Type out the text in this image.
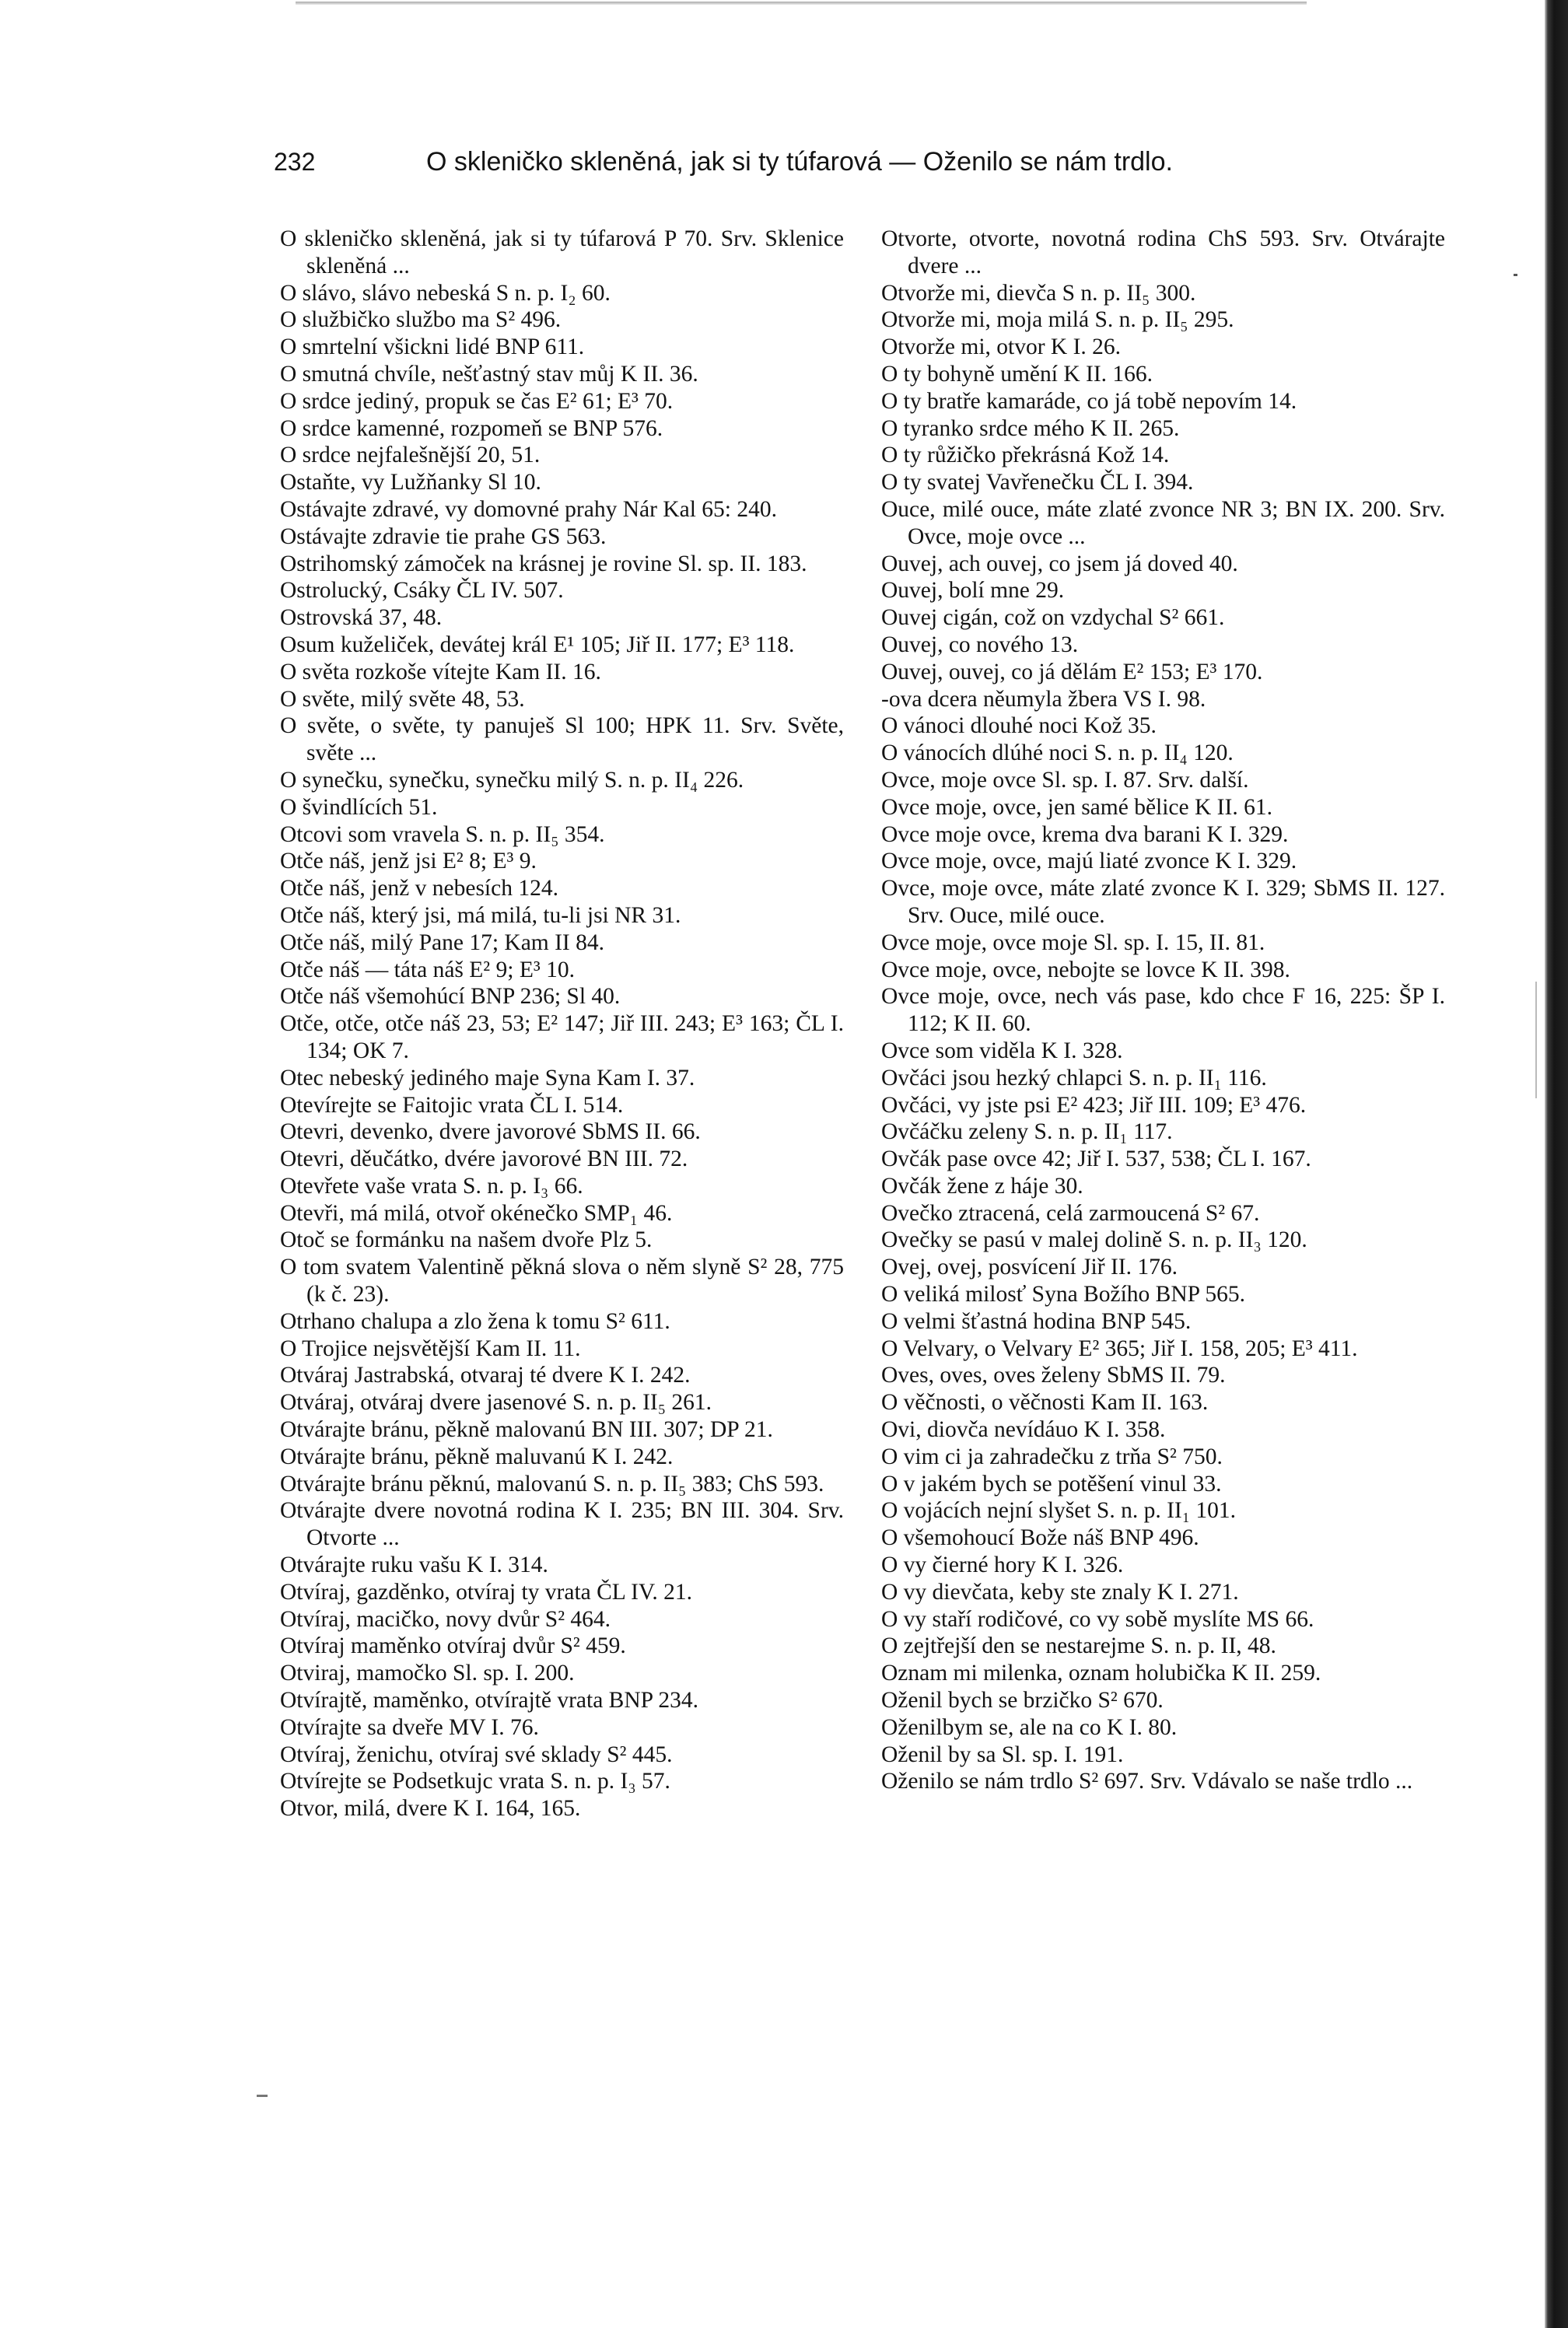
232	O skleničko skleněná, jak si ty túfarová — Oženilo se nám trdlo.

O skleničko skleněná, jak si ty túfarová P 70. Srv. Sklenice skleněná ...

O slávo, slávo nebeská S n. p. I₂ 60.

O službičko službo ma S² 496.

O smrtelní všickni lidé BNP 611.

O smutná chvíle, nešťastný stav můj K II. 36.

O srdce jediný, propuk se čas E² 61; E³ 70.

O srdce kamenné, rozpomeň se BNP 576.

O srdce nejfalešnější 20, 51.

Ostaňte, vy Lužňanky Sl 10.

Ostávajte zdravé, vy domovné prahy Nár Kal 65: 240.

Ostávajte zdravie tie prahe GS 563.

Ostrihomský zámoček na krásnej je rovine Sl. sp. II. 183.

Ostrolucký, Csáky ČL IV. 507.

Ostrovská 37, 48.

Osum kuželiček, devátej král E¹ 105; Jiř II. 177; E³ 118.

O světa rozkoše vítejte Kam II. 16.

O světe, milý světe 48, 53.

O světe, o světe, ty panuješ Sl 100; HPK 11. Srv. Světe, světe ...

O synečku, synečku, synečku milý S. n. p. II₄ 226.

O švindlících 51.

Otcovi som vravela S. n. p. II₅ 354.

Otče náš, jenž jsi E² 8; E³ 9.

Otče náš, jenž v nebesích 124.

Otče náš, který jsi, má milá, tu-li jsi NR 31.

Otče náš, milý Pane 17; Kam II 84.

Otče náš — táta náš E² 9; E³ 10.

Otče náš všemohúcí BNP 236; Sl 40.

Otče, otče, otče náš 23, 53; E² 147; Jiř III. 243; E³ 163; ČL I. 134; OK 7.

Otec nebeský jediného maje Syna Kam I. 37.

Otevírejte se Faitojic vrata ČL I. 514.

Otevri, devenko, dvere javorové SbMS II. 66.

Otevri, děučátko, dvére javorové BN III. 72.

Otevřete vaše vrata S. n. p. I₃ 66.

Otevři, má milá, otvoř okénečko SMP₁ 46.

Otoč se formánku na našem dvoře Plz 5.

O tom svatem Valentině pěkná slova o něm slyně S² 28, 775 (k č. 23).

Otrhano chalupa a zlo žena k tomu S² 611.

O Trojice nejsvětější Kam II. 11.

Otváraj Jastrabská, otvaraj té dvere K I. 242.

Otváraj, otváraj dvere jasenové S. n. p. II₅ 261.

Otvárajte bránu, pěkně malovanú BN III. 307; DP 21.

Otvárajte bránu, pěkně maluvanú K I. 242.

Otvárajte bránu pěknú, malovanú S. n. p. II₅ 383; ChS 593.

Otvárajte dvere novotná rodina K I. 235; BN III. 304. Srv. Otvorte ...

Otvárajte ruku vašu K I. 314.

Otvíraj, gazděnko, otvíraj ty vrata ČL IV. 21.

Otvíraj, macičko, novy dvůr S² 464.

Otvíraj maměnko otvíraj dvůr S² 459.

Otviraj, mamočko Sl. sp. I. 200.

Otvírajtě, maměnko, otvírajtě vrata BNP 234.

Otvírajte sa dveře MV I. 76.

Otvíraj, ženichu, otvíraj své sklady S² 445.

Otvírejte se Podsetkujc vrata S. n. p. I₃ 57.

Otvor, milá, dvere K I. 164, 165.

Otvorte, otvorte, novotná rodina ChS 593. Srv. Otvárajte dvere ...

Otvorže mi, dievča S n. p. II₅ 300.

Otvorže mi, moja milá S. n. p. II₅ 295.

Otvorže mi, otvor K I. 26.

O ty bohyně umění K II. 166.

O ty bratře kamaráde, co já tobě nepovím 14.

O tyranko srdce mého K II. 265.

O ty růžičko překrásná Kož 14.

O ty svatej Vavřenečku ČL I. 394.

Ouce, milé ouce, máte zlaté zvonce NR 3; BN IX. 200. Srv. Ovce, moje ovce ...

Ouvej, ach ouvej, co jsem já doved 40.

Ouvej, bolí mne 29.

Ouvej cigán, což on vzdychal S² 661.

Ouvej, co nového 13.

Ouvej, ouvej, co já dělám E² 153; E³ 170.

-ova dcera něumyla žbera VS I. 98.

O vánoci dlouhé noci Kož 35.

O vánocích dlúhé noci S. n. p. II₄ 120.

Ovce, moje ovce Sl. sp. I. 87. Srv. další.

Ovce moje, ovce, jen samé bělice K II. 61.

Ovce moje ovce, krema dva barani K I. 329.

Ovce moje, ovce, majú liaté zvonce K I. 329.

Ovce, moje ovce, máte zlaté zvonce K I. 329; SbMS II. 127. Srv. Ouce, milé ouce.

Ovce moje, ovce moje Sl. sp. I. 15, II. 81.

Ovce moje, ovce, nebojte se lovce K II. 398.

Ovce moje, ovce, nech vás pase, kdo chce F 16, 225: ŠP I. 112; K II. 60.

Ovce som viděla K I. 328.

Ovčáci jsou hezký chlapci S. n. p. II₁ 116.

Ovčáci, vy jste psi E² 423; Jiř III. 109; E³ 476.

Ovčáčku zeleny S. n. p. II₁ 117.

Ovčák pase ovce 42; Jiř I. 537, 538; ČL I. 167.

Ovčák žene z háje 30.

Ovečko ztracená, celá zarmoucená S² 67.

Ovečky se pasú v malej dolině S. n. p. II₃ 120.

Ovej, ovej, posvícení Jiř II. 176.

O veliká milosť Syna Božího BNP 565.

O velmi šťastná hodina BNP 545.

O Velvary, o Velvary E² 365; Jiř I. 158, 205; E³ 411.

Oves, oves, oves želeny SbMS II. 79.

O věčnosti, o věčnosti Kam II. 163.

Ovi, diovča nevídáuo K I. 358.

O vim ci ja zahradečku z trňa S² 750.

O v jakém bych se potěšení vinul 33.

O vojácích nejní slyšet S. n. p. II₁ 101.

O všemohoucí Bože náš BNP 496.

O vy čierné hory K I. 326.

O vy dievčata, keby ste znaly K I. 271.

O vy staří rodičové, co vy sobě myslíte MS 66.

O zejtřejší den se nestarejme S. n. p. II, 48.

Oznam mi milenka, oznam holubička K II. 259.

Oženil bych se brzičko S² 670.

Oženilbym se, ale na co K I. 80.

Oženil by sa Sl. sp. I. 191.

Oženilo se nám trdlo S² 697. Srv. Vdávalo se naše trdlo ...
